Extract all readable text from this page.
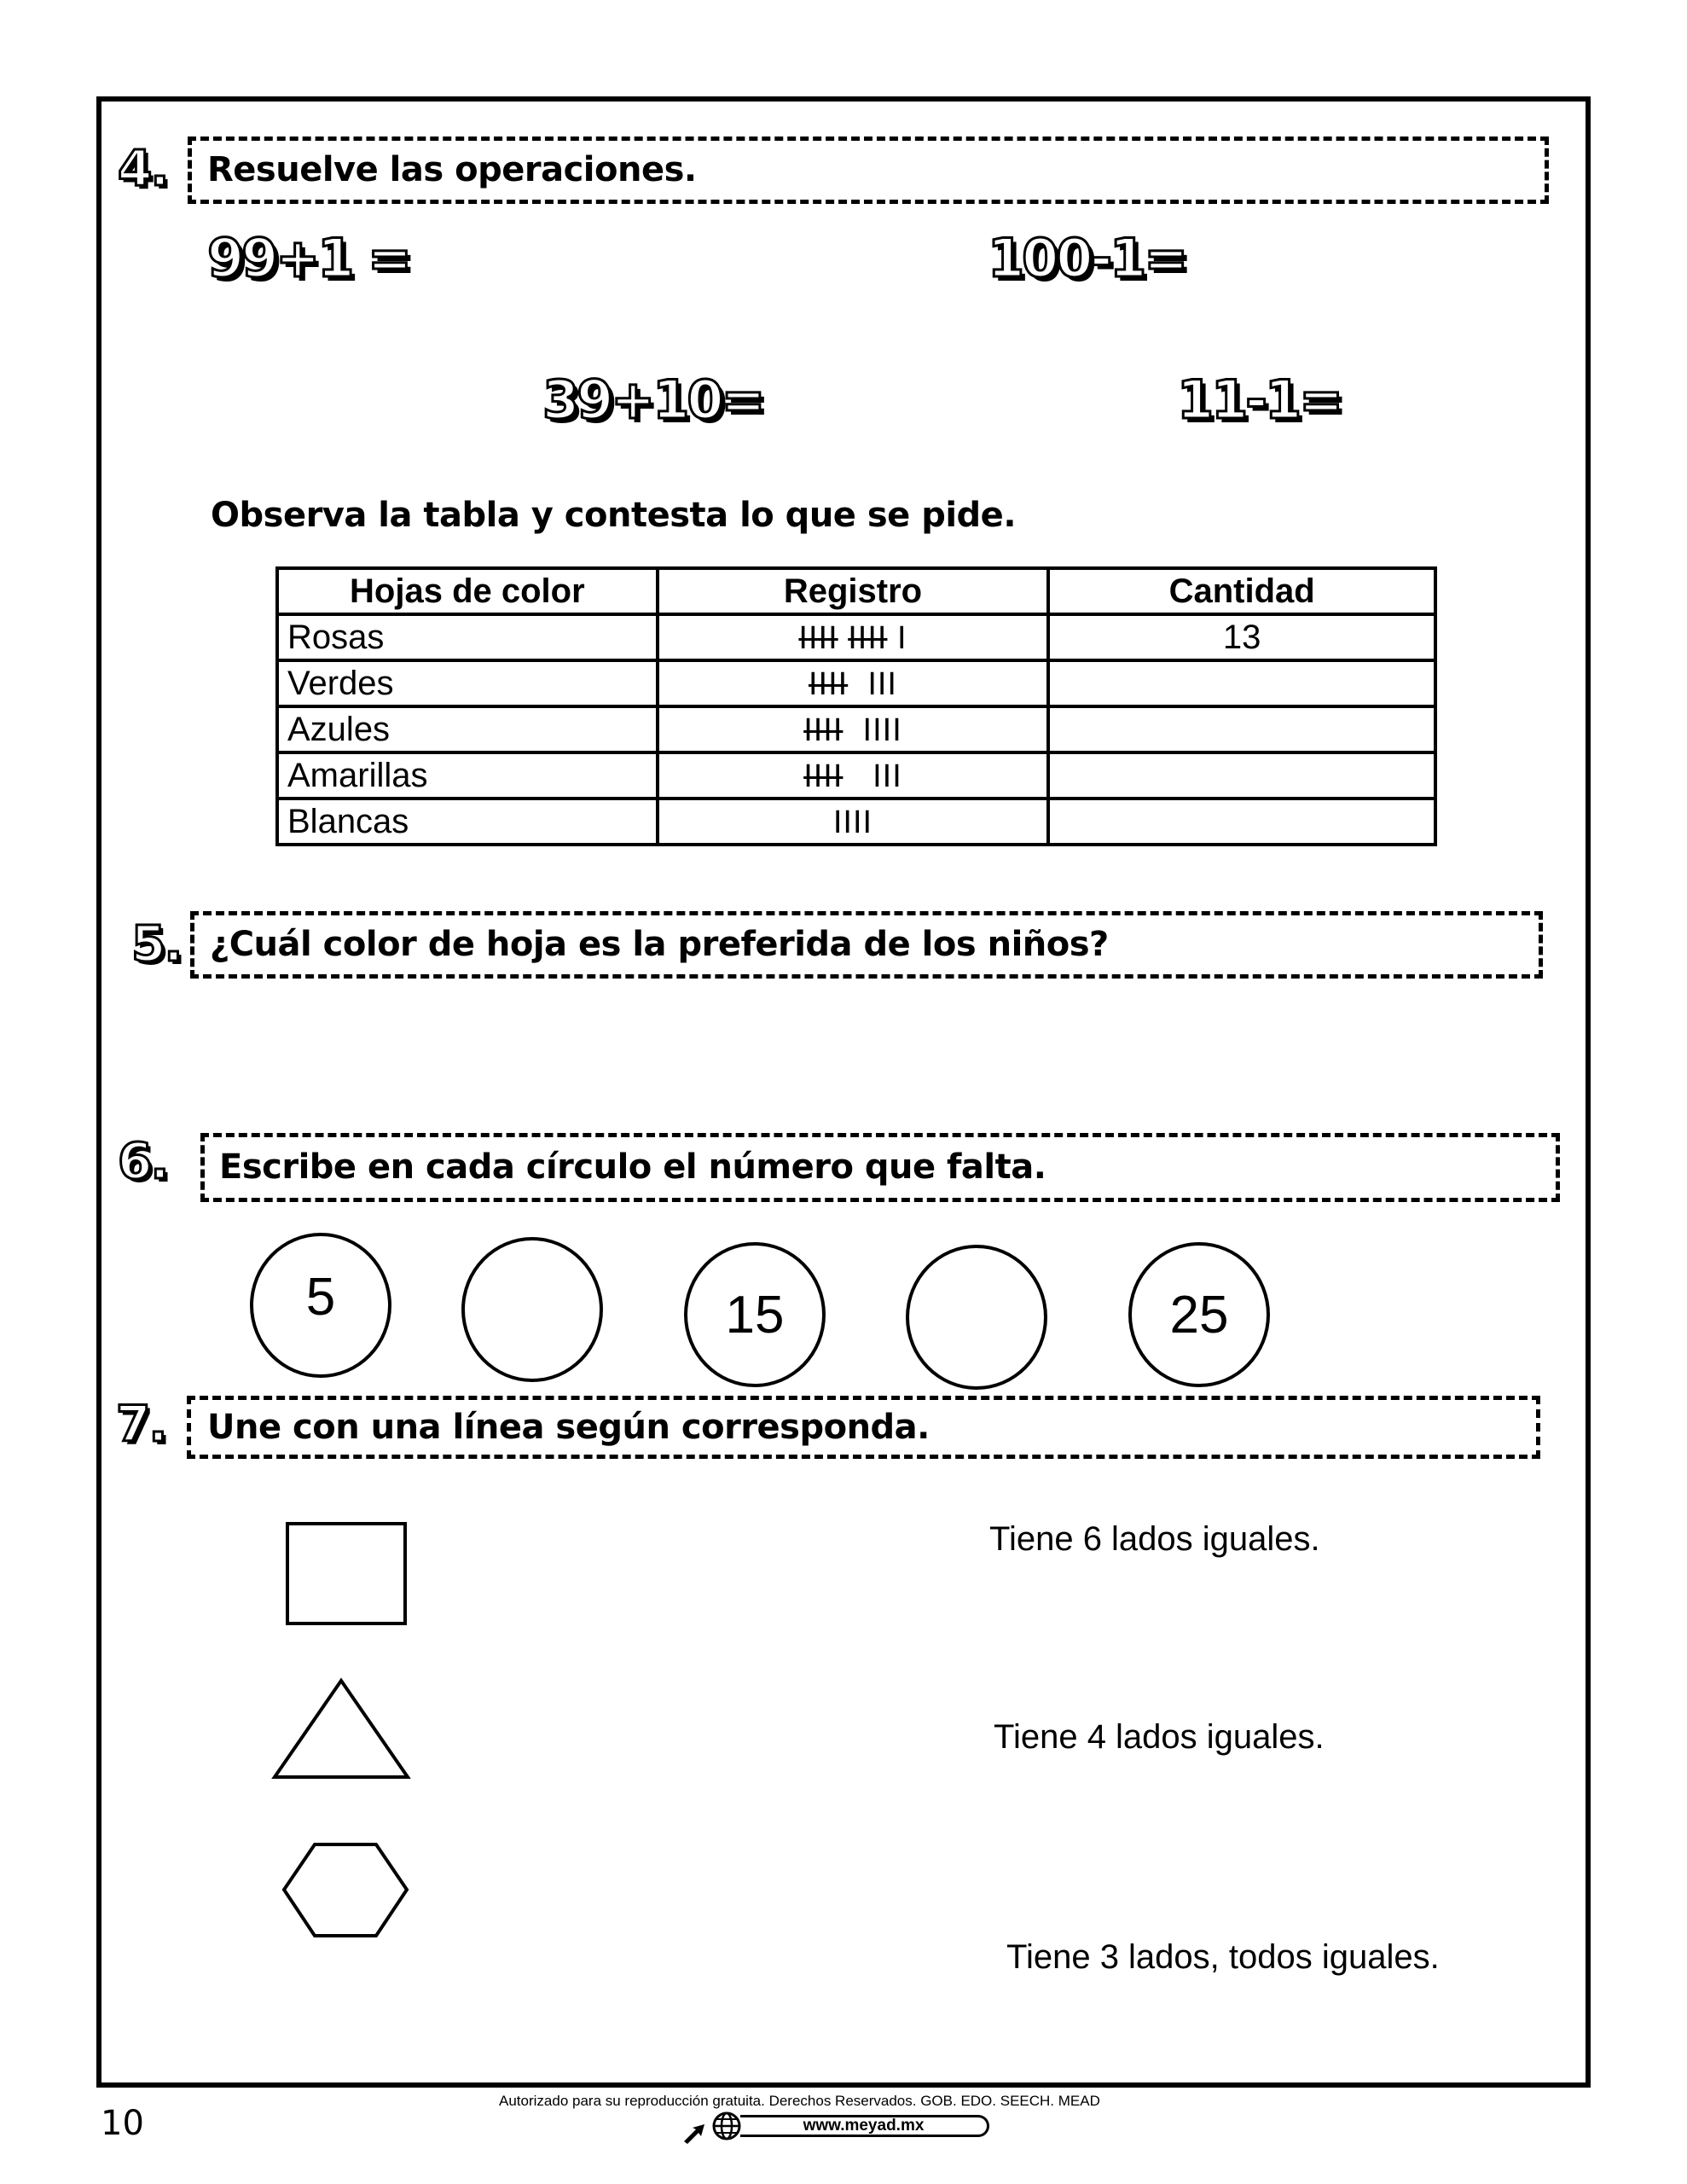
4. Resuelve las operaciones.
99+1 =	100-1=
39+10=	11-1=
Observa la tabla y contesta lo que se pide.
Hojas de color	Registro	Cantidad
Rosas	IIII IIII I	13
Verdes	IIII  III	
Azules	IIII  IIII	
Amarillas	IIII   III	
Blancas	IIII	
5. ¿Cuál color de hoja es la preferida de los niños?
6. Escribe en cada círculo el número que falta.
5	15	25
7. Une con una línea según corresponda.
Tiene 6 lados iguales.
Tiene 4 lados iguales.
Tiene 3 lados, todos iguales.
10
Autorizado para su reproducción gratuita. Derechos Reservados. GOB. EDO. SEECH. MEAD
www.meyad.mx
